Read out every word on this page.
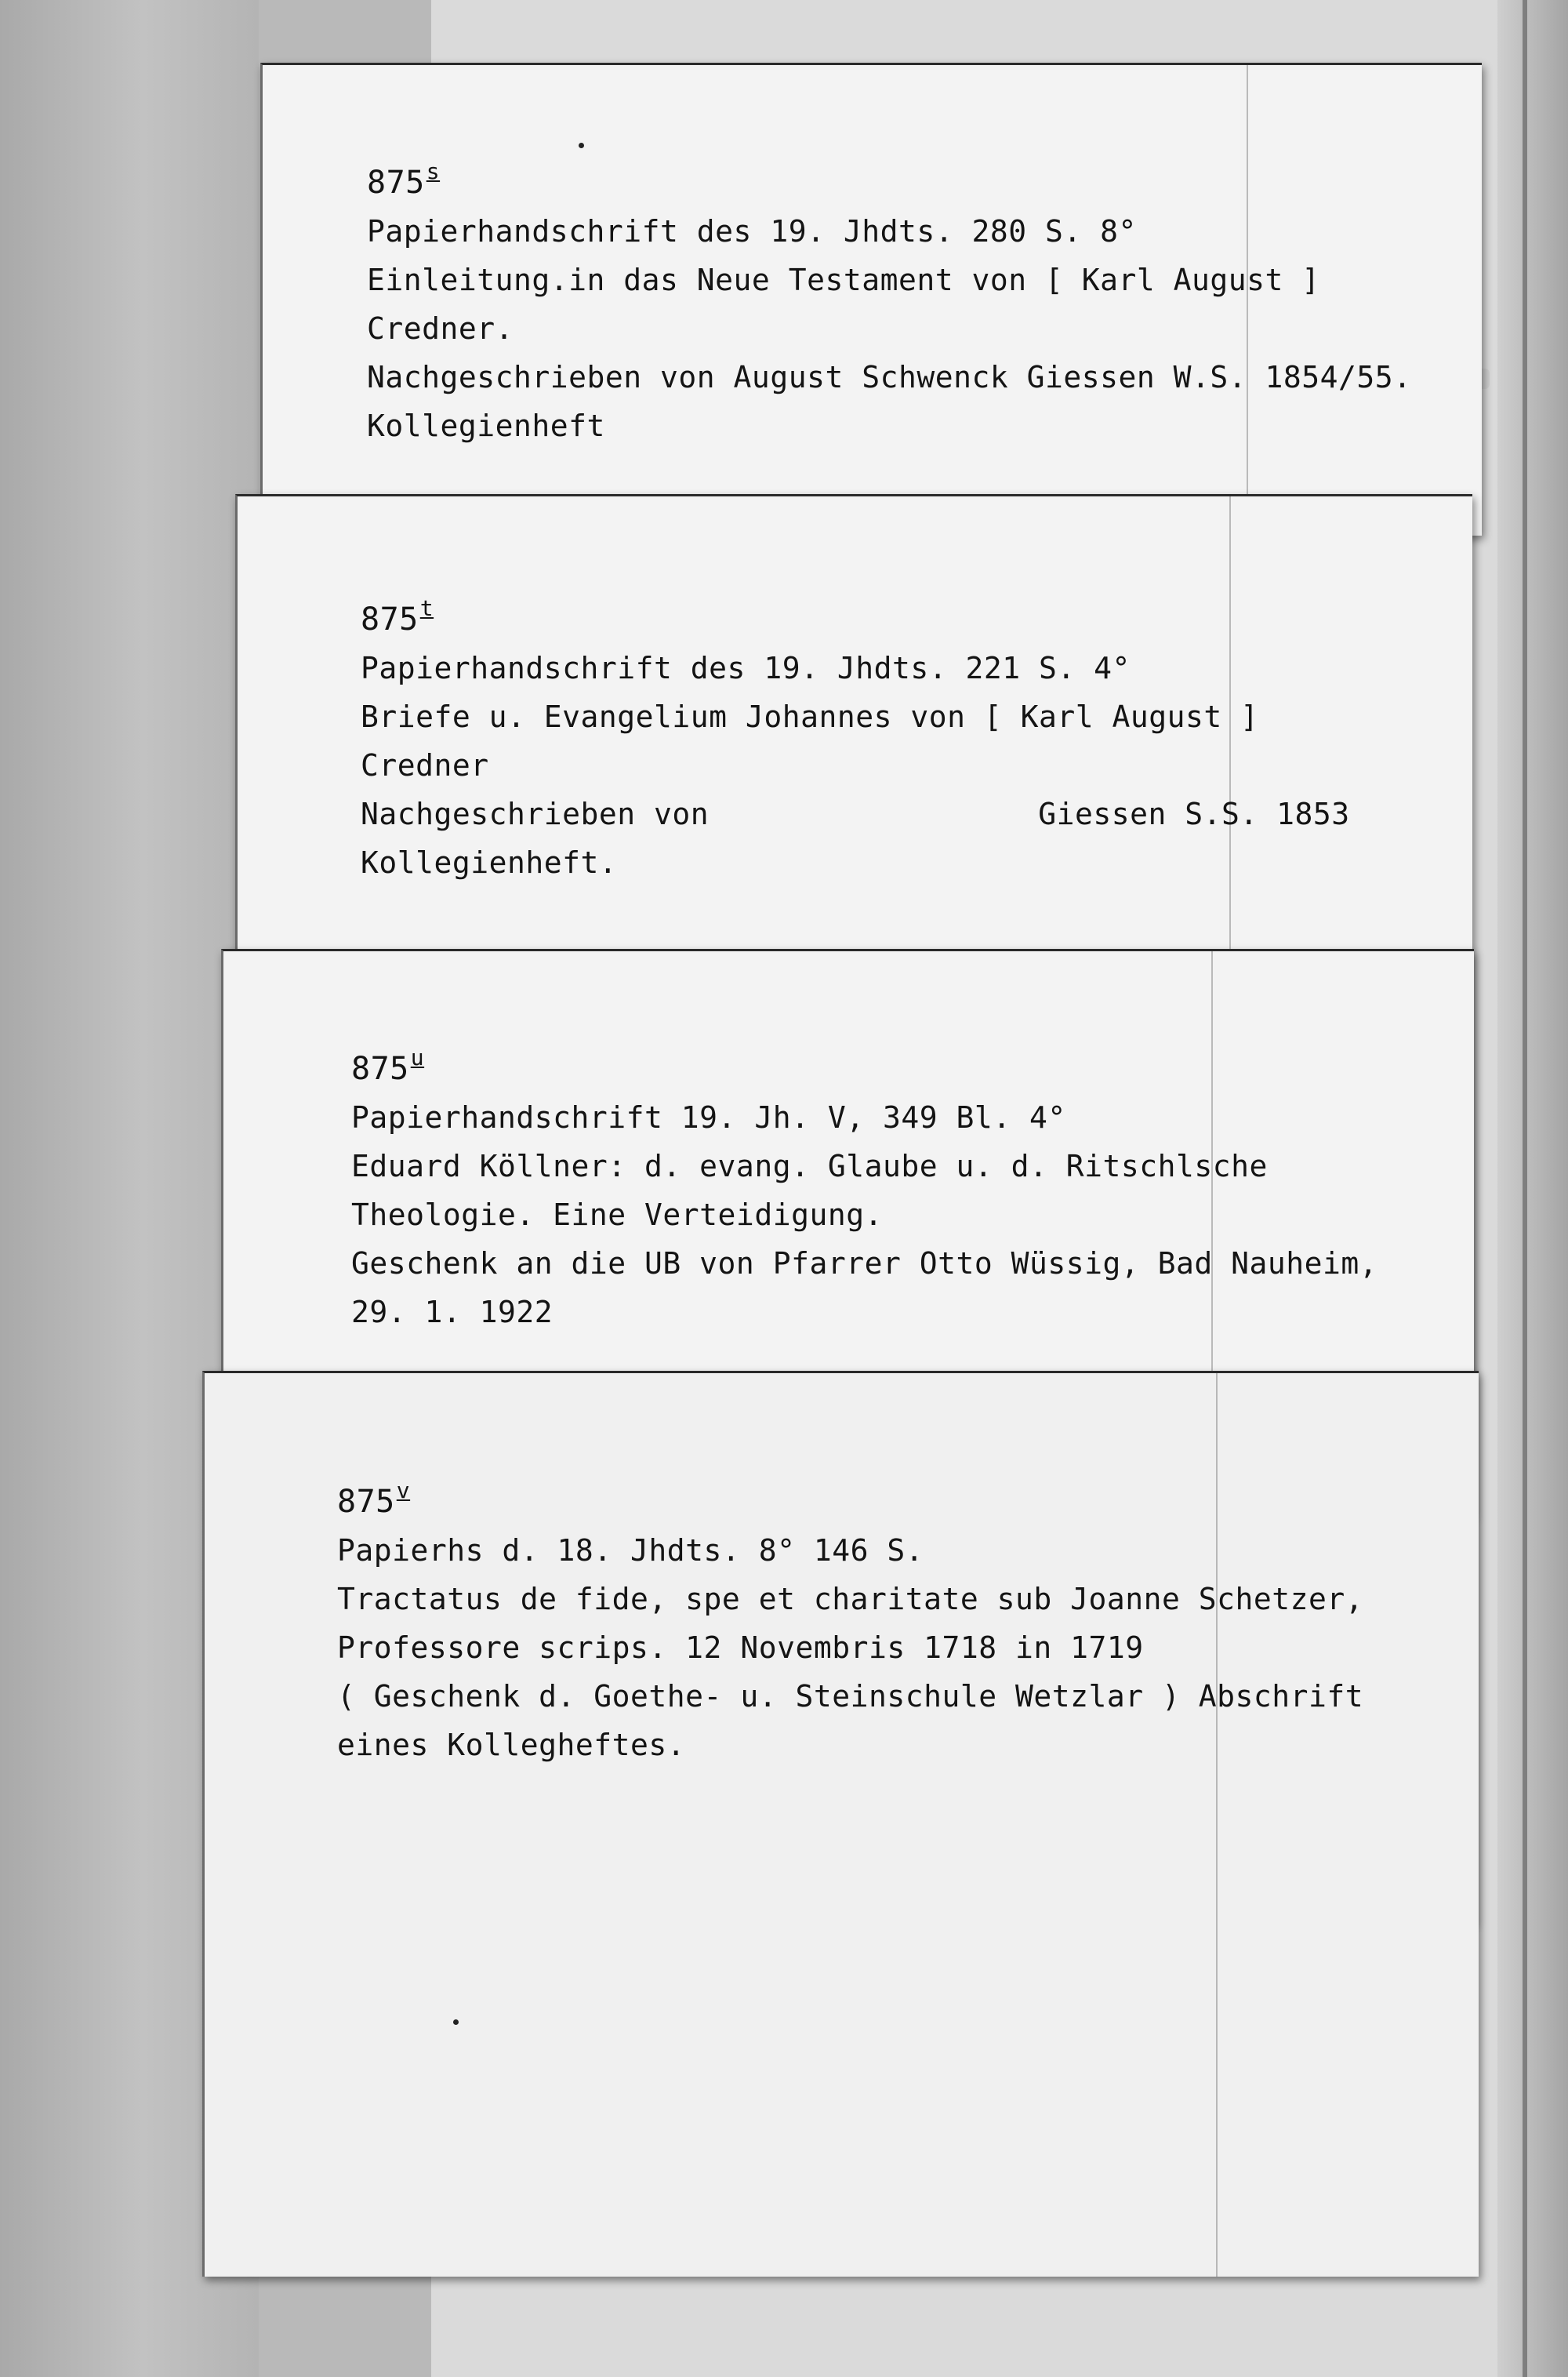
875$^s$
Papierhandschrift des 19. Jhdts. 280 S. 8°
Einleitung.in das Neue Testament von [ Karl August ]
Credner.
Nachgeschrieben von August Schwenck Giessen W.S. 1854/55.
Kollegienheft
875$^t$
Papierhandschrift des 19. Jhdts. 221 S. 4°
Briefe u. Evangelium Johannes von [ Karl August ]
Credner
Nachgeschrieben von	Giessen S.S. 1853
Kollegienheft.
875$^u$
Papierhandschrift 19. Jh. V, 349 Bl. 4°
Eduard Köllner: d. evang. Glaube u. d. Ritschlsche
Theologie. Eine Verteidigung.
Geschenk an die UB von Pfarrer Otto Wüssig, Bad Nauheim,
29. 1. 1922
875$^v$
Papierhs d. 18. Jhdts. 8° 146 S.
Tractatus de fide, spe et charitate sub Joanne Schetzer,
Professore scrips. 12 Novembris 1718 in 1719
( Geschenk d. Goethe- u. Steinschule Wetzlar ) Abschrift
eines Kollegheftes.
